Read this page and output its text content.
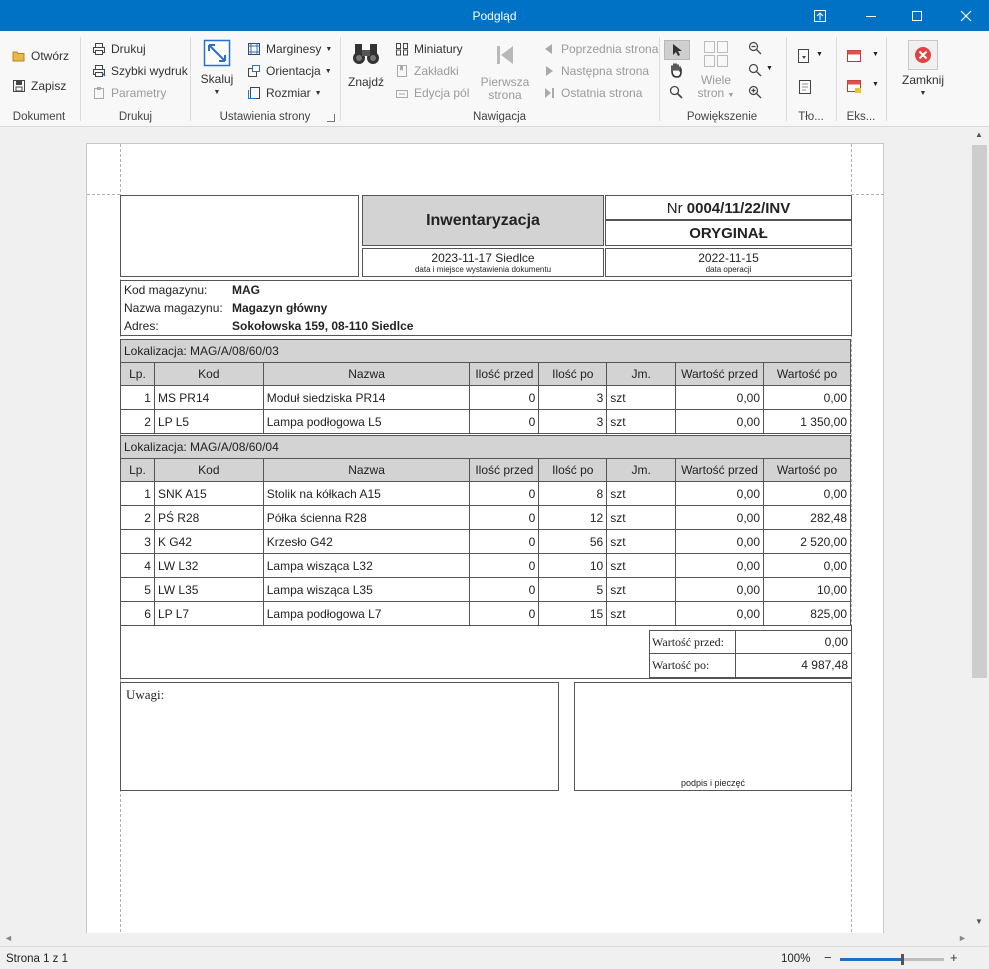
Podgląd
Otwórz
Zapisz
Dokument
Drukuj
Szybki wydruk
Parametry
Drukuj
Skaluj
▼
Marginesy ▼
Orientacja ▼
Rozmiar ▼
Ustawienia strony
Znajdź
Miniatury
Zakładki
Edycja pól
Pierwsza
strona
Poprzednia strona
Następna strona
Ostatnia strona
Nawigacja
Wiele
stron ▼
▼
Powiększenie
▼
Tło...
▼
▼
Eks...
Zamknij
▼
Inwentaryzacja
Nr 0004/11/22/INV
ORYGINAŁ
2023-11-17 Siedlce
data i miejsce wystawienia dokumentu
2022-11-15
data operacji
Kod magazynu: MAG
Nazwa magazynu: Magazyn główny
Adres:	Sokołowska 159, 08-110 Siedlce
Lokalizacja: MAG/A/08/60/03
Lp.	Kod	Nazwa	Ilość przed	Ilość po	Jm.	Wartość przed	Wartość po
1	MS PR14	Moduł siedziska PR14	0	3	szt	0,00	0,00
2	LP L5	Lampa podłogowa L5	0	3	szt	0,00	1 350,00
Lokalizacja: MAG/A/08/60/04
Lp.	Kod	Nazwa	Ilość przed	Ilość po	Jm.	Wartość przed	Wartość po
1	SNK A15	Stolik na kółkach A15	0	8	szt	0,00	0,00
2	PŚ R28	Półka ścienna R28	0	12	szt	0,00	282,48
3	K G42	Krzesło G42	0	56	szt	0,00	2 520,00
4	LW L32	Lampa wisząca L32	0	10	szt	0,00	0,00
5	LW L35	Lampa wisząca L35	0	5	szt	0,00	10,00
6	LP L7	Lampa podłogowa L7	0	15	szt	0,00	825,00
Wartość przed:	0,00
Wartość po:	4 987,48
Uwagi:
podpis i pieczęć
▲
▼
◄	►
Strona 1 z 1	100% −	+
